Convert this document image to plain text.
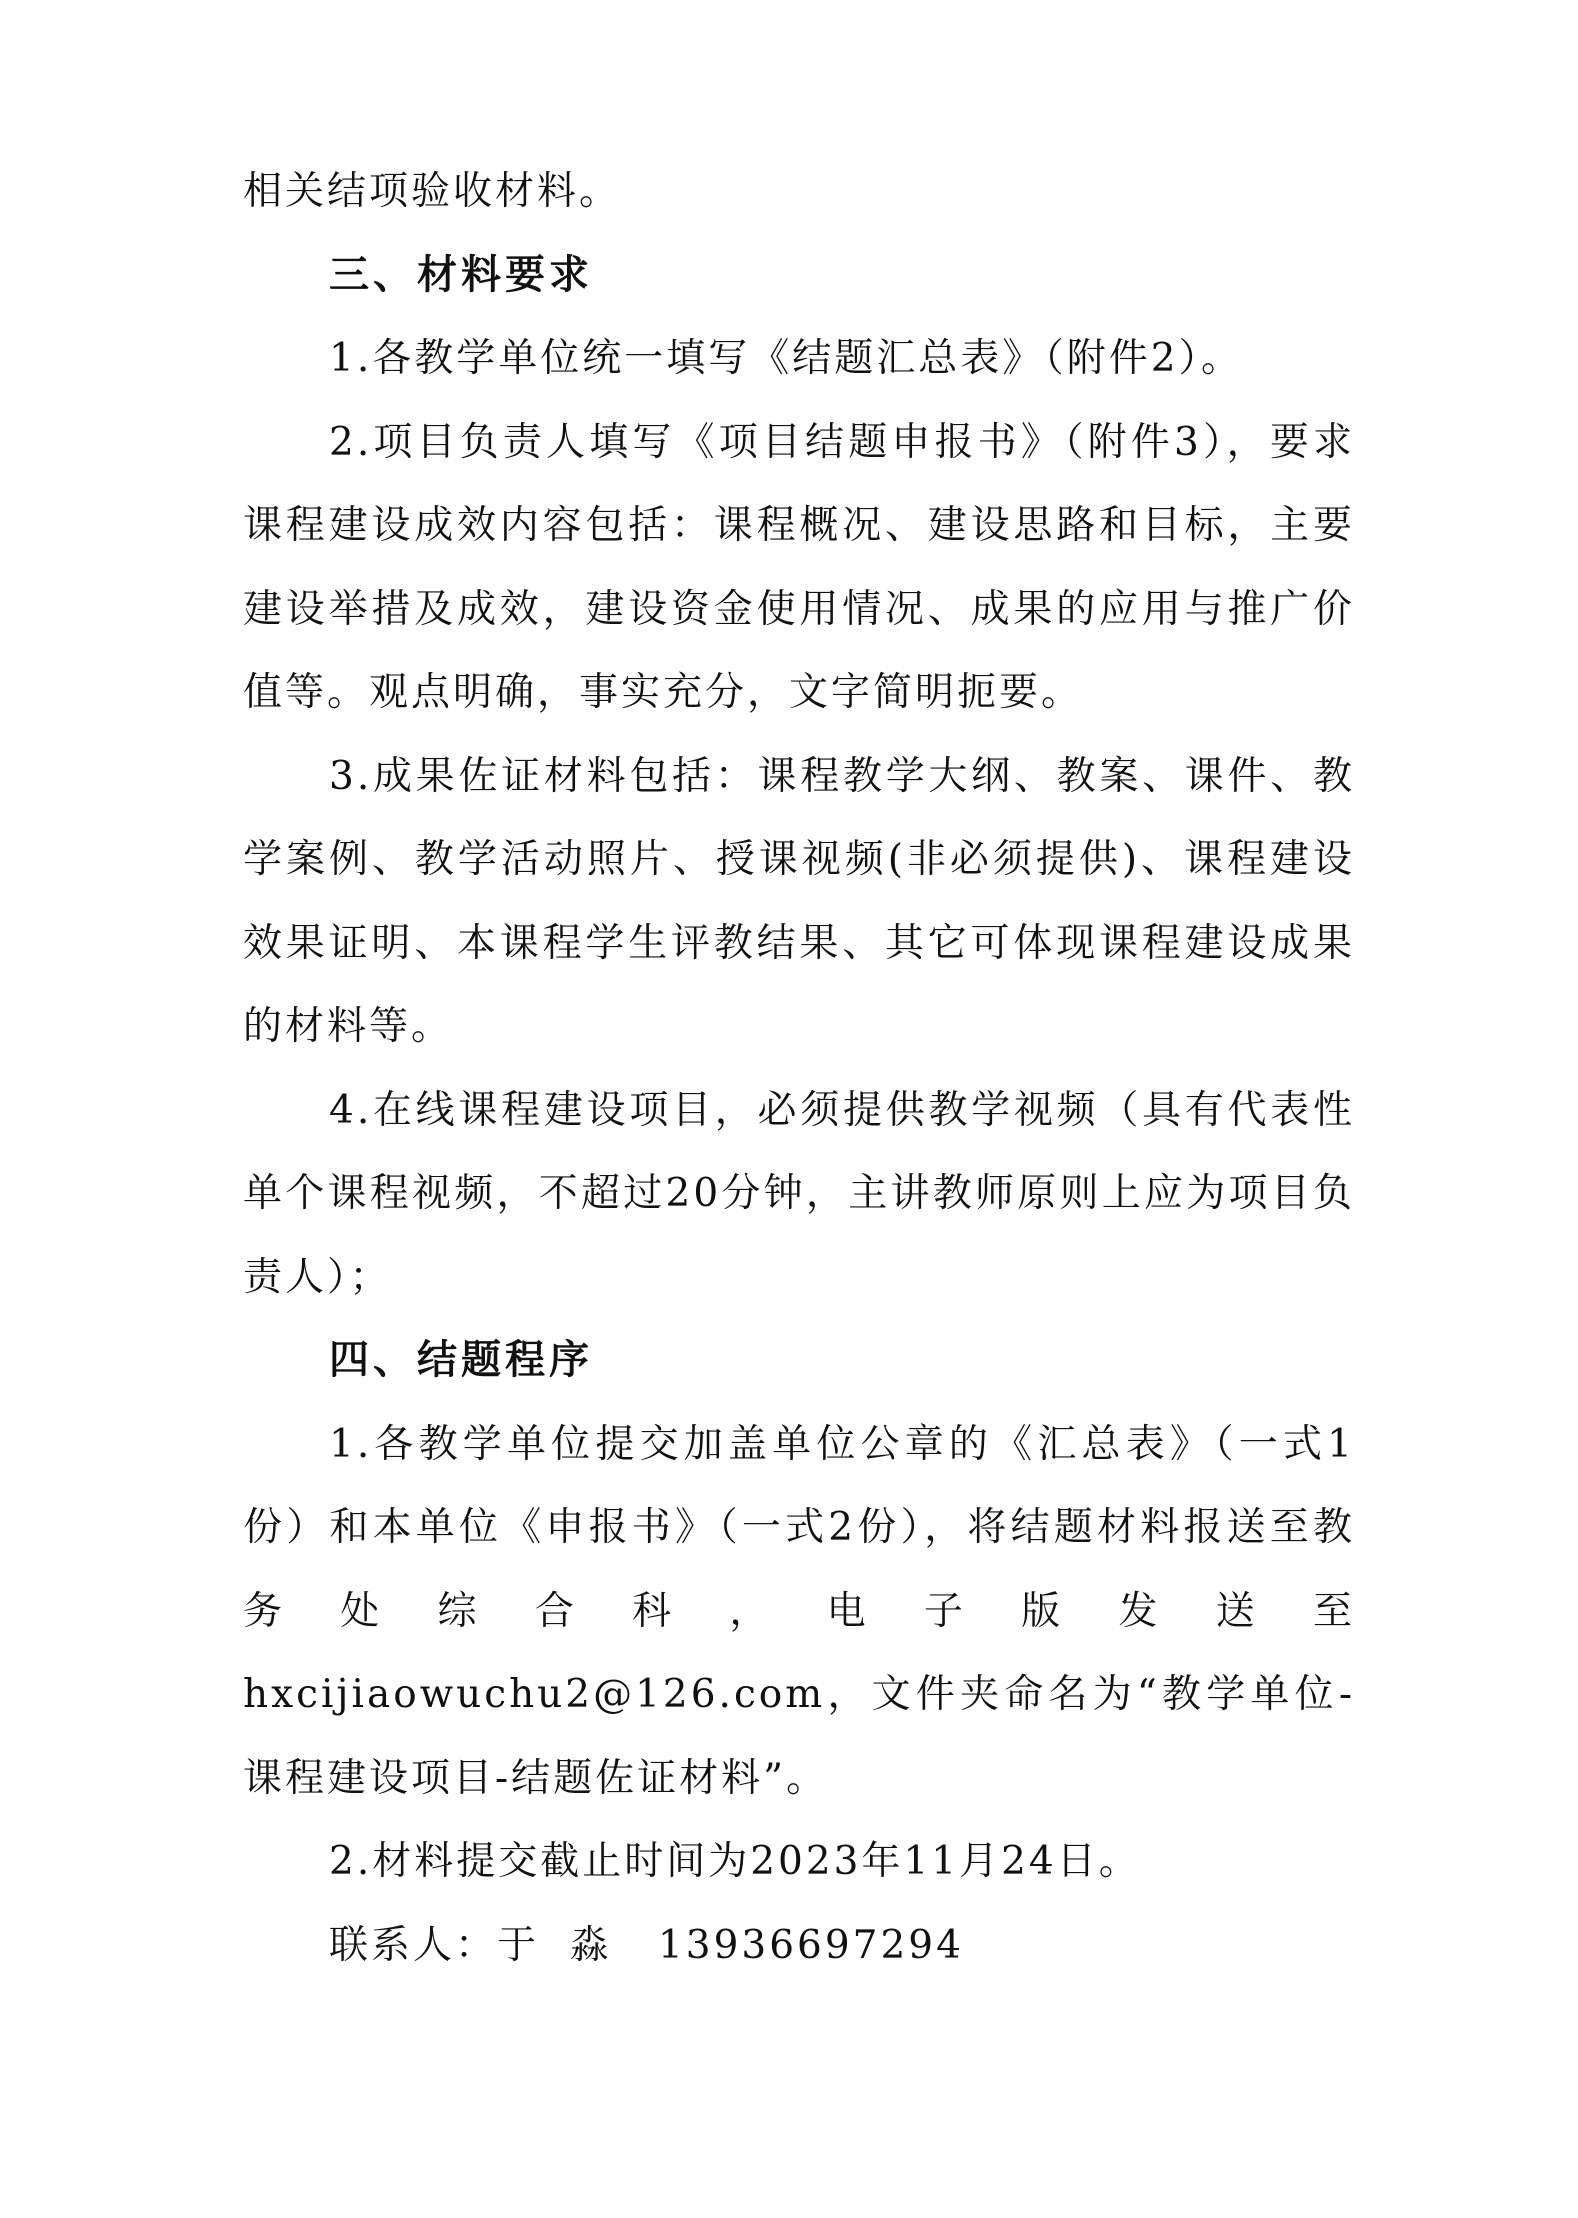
相关结项验收材料。

三、材料要求

1.各教学单位统一填写《结题汇总表》（附件2）。

2.项目负责人填写《项目结题申报书》（附件3），要求课程建设成效内容包括：课程概况、建设思路和目标，主要建设举措及成效，建设资金使用情况、成果的应用与推广价值等。观点明确，事实充分，文字简明扼要。

3.成果佐证材料包括：课程教学大纲、教案、课件、教学案例、教学活动照片、授课视频(非必须提供)、课程建设效果证明、本课程学生评教结果、其它可体现课程建设成果的材料等。

4.在线课程建设项目，必须提供教学视频（具有代表性单个课程视频，不超过20分钟，主讲教师原则上应为项目负责人）；

四、结题程序

1.各教学单位提交加盖单位公章的《汇总表》（一式1份）和本单位《申报书》（一式2份），将结题材料报送至教务处综合科，电子版发送至hxcijiaowuchu2@126.com，文件夹命名为“教学单位-课程建设项目-结题佐证材料”。

2.材料提交截止时间为2023年11月24日。

联系人：于  淼   13936697294
